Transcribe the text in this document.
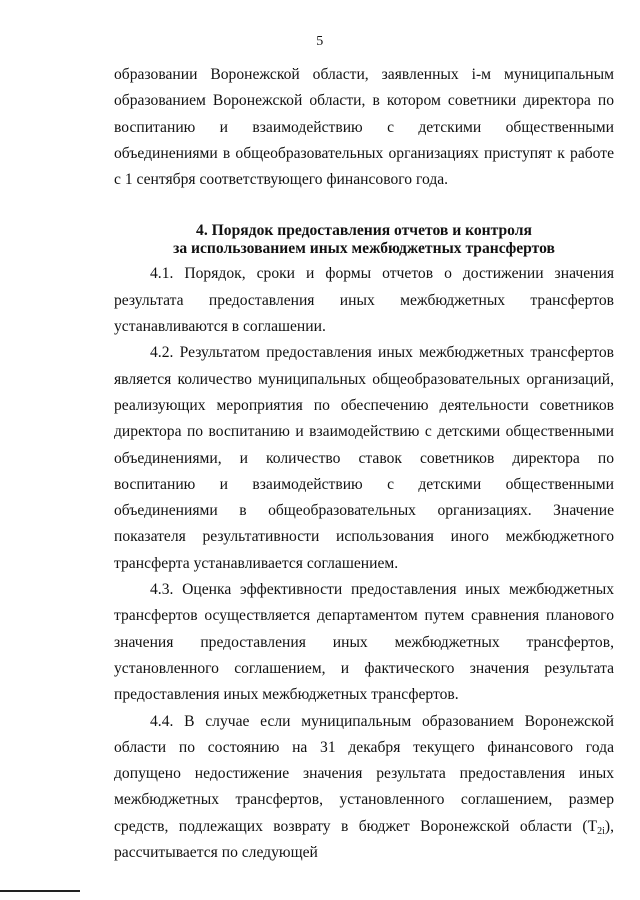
5

образовании Воронежской области, заявленных i-м муниципальным образованием Воронежской области, в котором советники директора по воспитанию и взаимодействию с детскими общественными объединениями в общеобразовательных организациях приступят к работе с 1 сентября соответствующего финансового года.

4. Порядок предоставления отчетов и контроля
за использованием иных межбюджетных трансфертов

4.1. Порядок, сроки и формы отчетов о достижении значения результата предоставления иных межбюджетных трансфертов устанавливаются в соглашении.

4.2. Результатом предоставления иных межбюджетных трансфертов является количество муниципальных общеобразовательных организаций, реализующих мероприятия по обеспечению деятельности советников директора по воспитанию и взаимодействию с детскими общественными объединениями, и количество ставок советников директора по воспитанию и взаимодействию с детскими общественными объединениями в общеобразовательных организациях. Значение показателя результативности использования иного межбюджетного трансферта устанавливается соглашением.

4.3. Оценка эффективности предоставления иных межбюджетных трансфертов осуществляется департаментом путем сравнения планового значения предоставления иных межбюджетных трансфертов, установленного соглашением, и фактического значения результата предоставления иных межбюджетных трансфертов.

4.4. В случае если муниципальным образованием Воронежской области по состоянию на 31 декабря текущего финансового года допущено недостижение значения результата предоставления иных межбюджетных трансфертов, установленного соглашением, размер средств, подлежащих возврату в бюджет Воронежской области $(Т_{2i})$, рассчитывается по следующей
